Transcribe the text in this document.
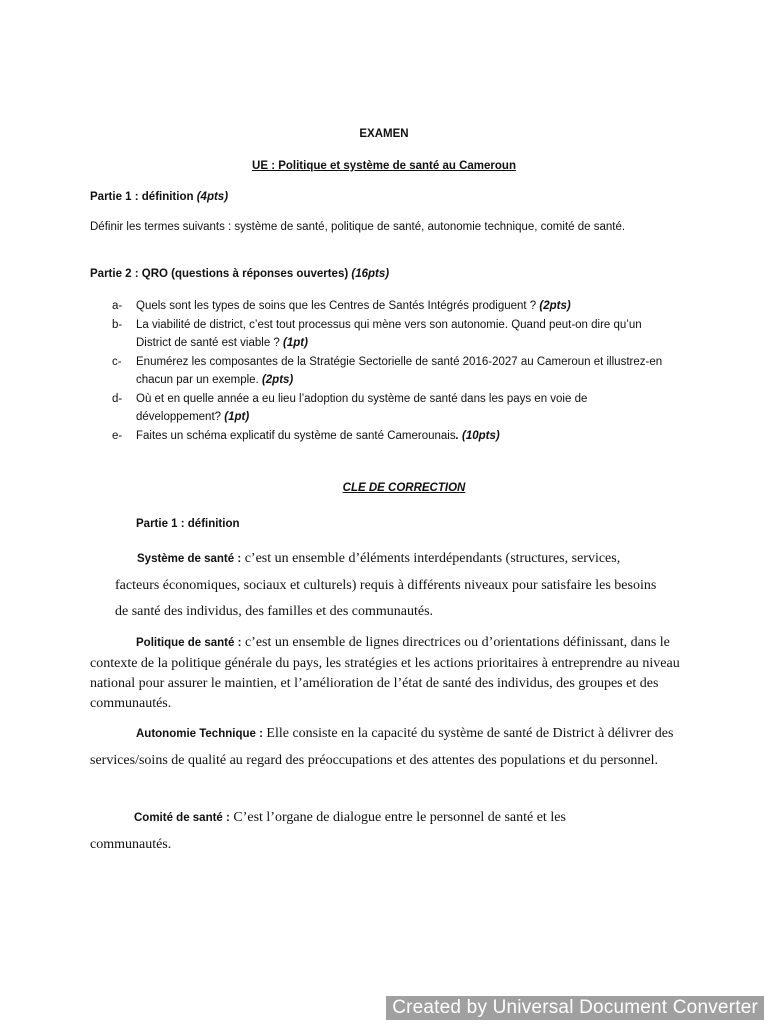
EXAMEN
UE : Politique et système de santé au Cameroun
Partie 1 : définition (4pts)
Définir les termes suivants : système de santé, politique de santé, autonomie technique, comité de santé.
Partie 2 : QRO (questions à réponses ouvertes) (16pts)
a- Quels sont les types de soins que les Centres de Santés Intégrés prodiguent ? (2pts)
b- La viabilité de district, c’est tout processus qui mène vers son autonomie. Quand peut-on dire qu’un District de santé est viable ? (1pt)
c- Enumérez les composantes de la Stratégie Sectorielle de santé 2016-2027 au Cameroun et illustrez-en chacun par un exemple. (2pts)
d- Où et en quelle année a eu lieu l’adoption du système de santé dans les pays en voie de développement? (1pt)
e- Faites un schéma explicatif du système de santé Camerounais. (10pts)
CLE DE CORRECTION
Partie 1 : définition
Système de santé : c’est un ensemble d’éléments interdépendants (structures, services, facteurs économiques, sociaux et culturels) requis à différents niveaux pour satisfaire les besoins de santé des individus, des familles et des communautés.
Politique de santé : c’est un ensemble de lignes directrices ou d’orientations définissant, dans le contexte de la politique générale du pays, les stratégies et les actions prioritaires à entreprendre au niveau national pour assurer le maintien, et l’amélioration de l’état de santé des individus, des groupes et des communautés.
Autonomie Technique : Elle consiste en la capacité du système de santé de District à délivrer des services/soins de qualité au regard des préoccupations et des attentes des populations et du personnel.
Comité de santé : C’est l’organe de dialogue entre le personnel de santé et les communautés.
Created by Universal Document Converter
